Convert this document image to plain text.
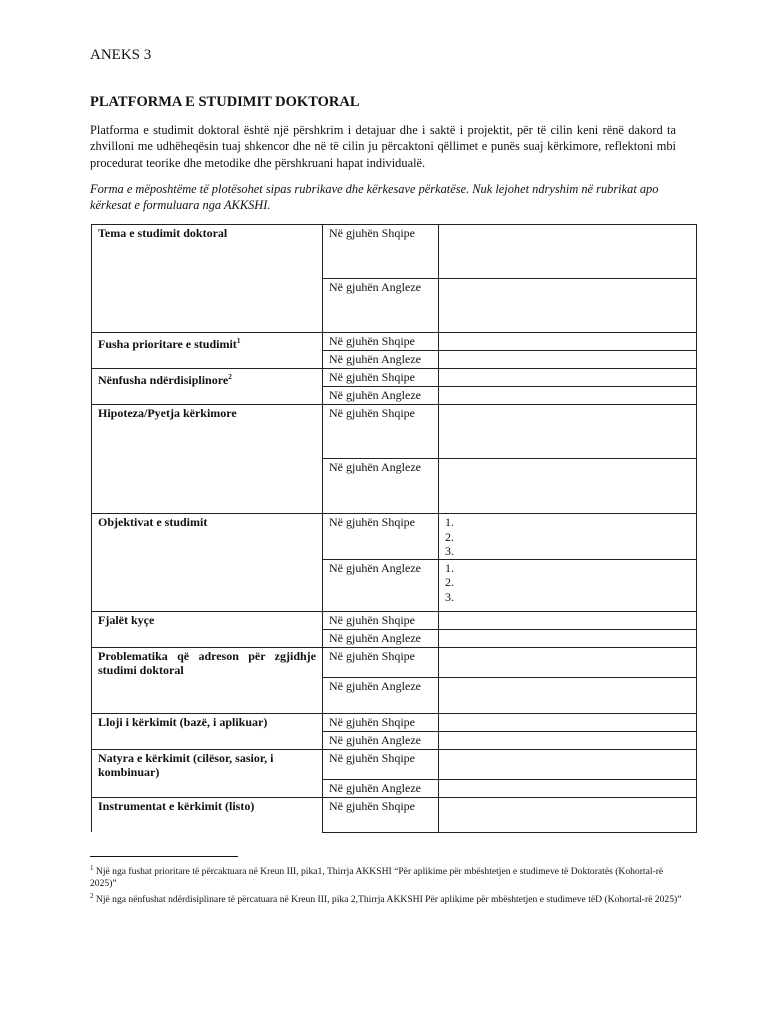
ANEKS 3
PLATFORMA E STUDIMIT DOKTORAL
Platforma e studimit doktoral është një përshkrim i detajuar dhe i saktë i projektit, për të cilin keni rënë dakord ta zhvilloni me udhëheqësin tuaj shkencor dhe në të cilin ju përcaktoni qëllimet e punës suaj kërkimore, reflektoni mbi procedurat teorike dhe metodike dhe përshkruani hapat individualë.
Forma e mëposhtëme të plotësohet sipas rubrikave dhe kërkesave përkatëse. Nuk lejohet ndryshim në rubrikat apo kërkesat e formuluara nga AKKSHI.
Tema e studimit doktoral	Në gjuhën Shqipe	
	Në gjuhën Angleze	
Fusha prioritare e studimit$^1$	Në gjuhën Shqipe	
	Në gjuhën Angleze	
Nënfusha ndërdisiplinore$^2$	Në gjuhën Shqipe	
	Në gjuhën Angleze	
Hipoteza/Pyetja kërkimore	Në gjuhën Shqipe	
	Në gjuhën Angleze	
Objektivat e studimit	Në gjuhën Shqipe	1.
2.
3.

	Në gjuhën Angleze	1.
2.
3.

Fjalët kyçe	Në gjuhën Shqipe	
	Në gjuhën Angleze	
Problematika që adreson për zgjidhje studimi doktoral	Në gjuhën Shqipe	
	Në gjuhën Angleze	
Lloji i kërkimit (bazë, i aplikuar)	Në gjuhën Shqipe	
	Në gjuhën Angleze	
Natyra e kërkimit (cilësor, sasior, i kombinuar)	Në gjuhën Shqipe	
	Në gjuhën Angleze	
Instrumentat e kërkimit (listo)	Në gjuhën Shqipe	
$^1$ Një nga fushat prioritare të përcaktuara në Kreun III, pika1, Thirrja AKKSHI “Për aplikime për mbështetjen e studimeve të Doktoratës (Kohortal-rë 2025)”
$^2$ Një nga nënfushat ndërdisiplinare të përcatuara në Kreun III, pika 2,Thirrja AKKSHI Për aplikime për mbështetjen e studimeve tëD (Kohortal-rë 2025)”
